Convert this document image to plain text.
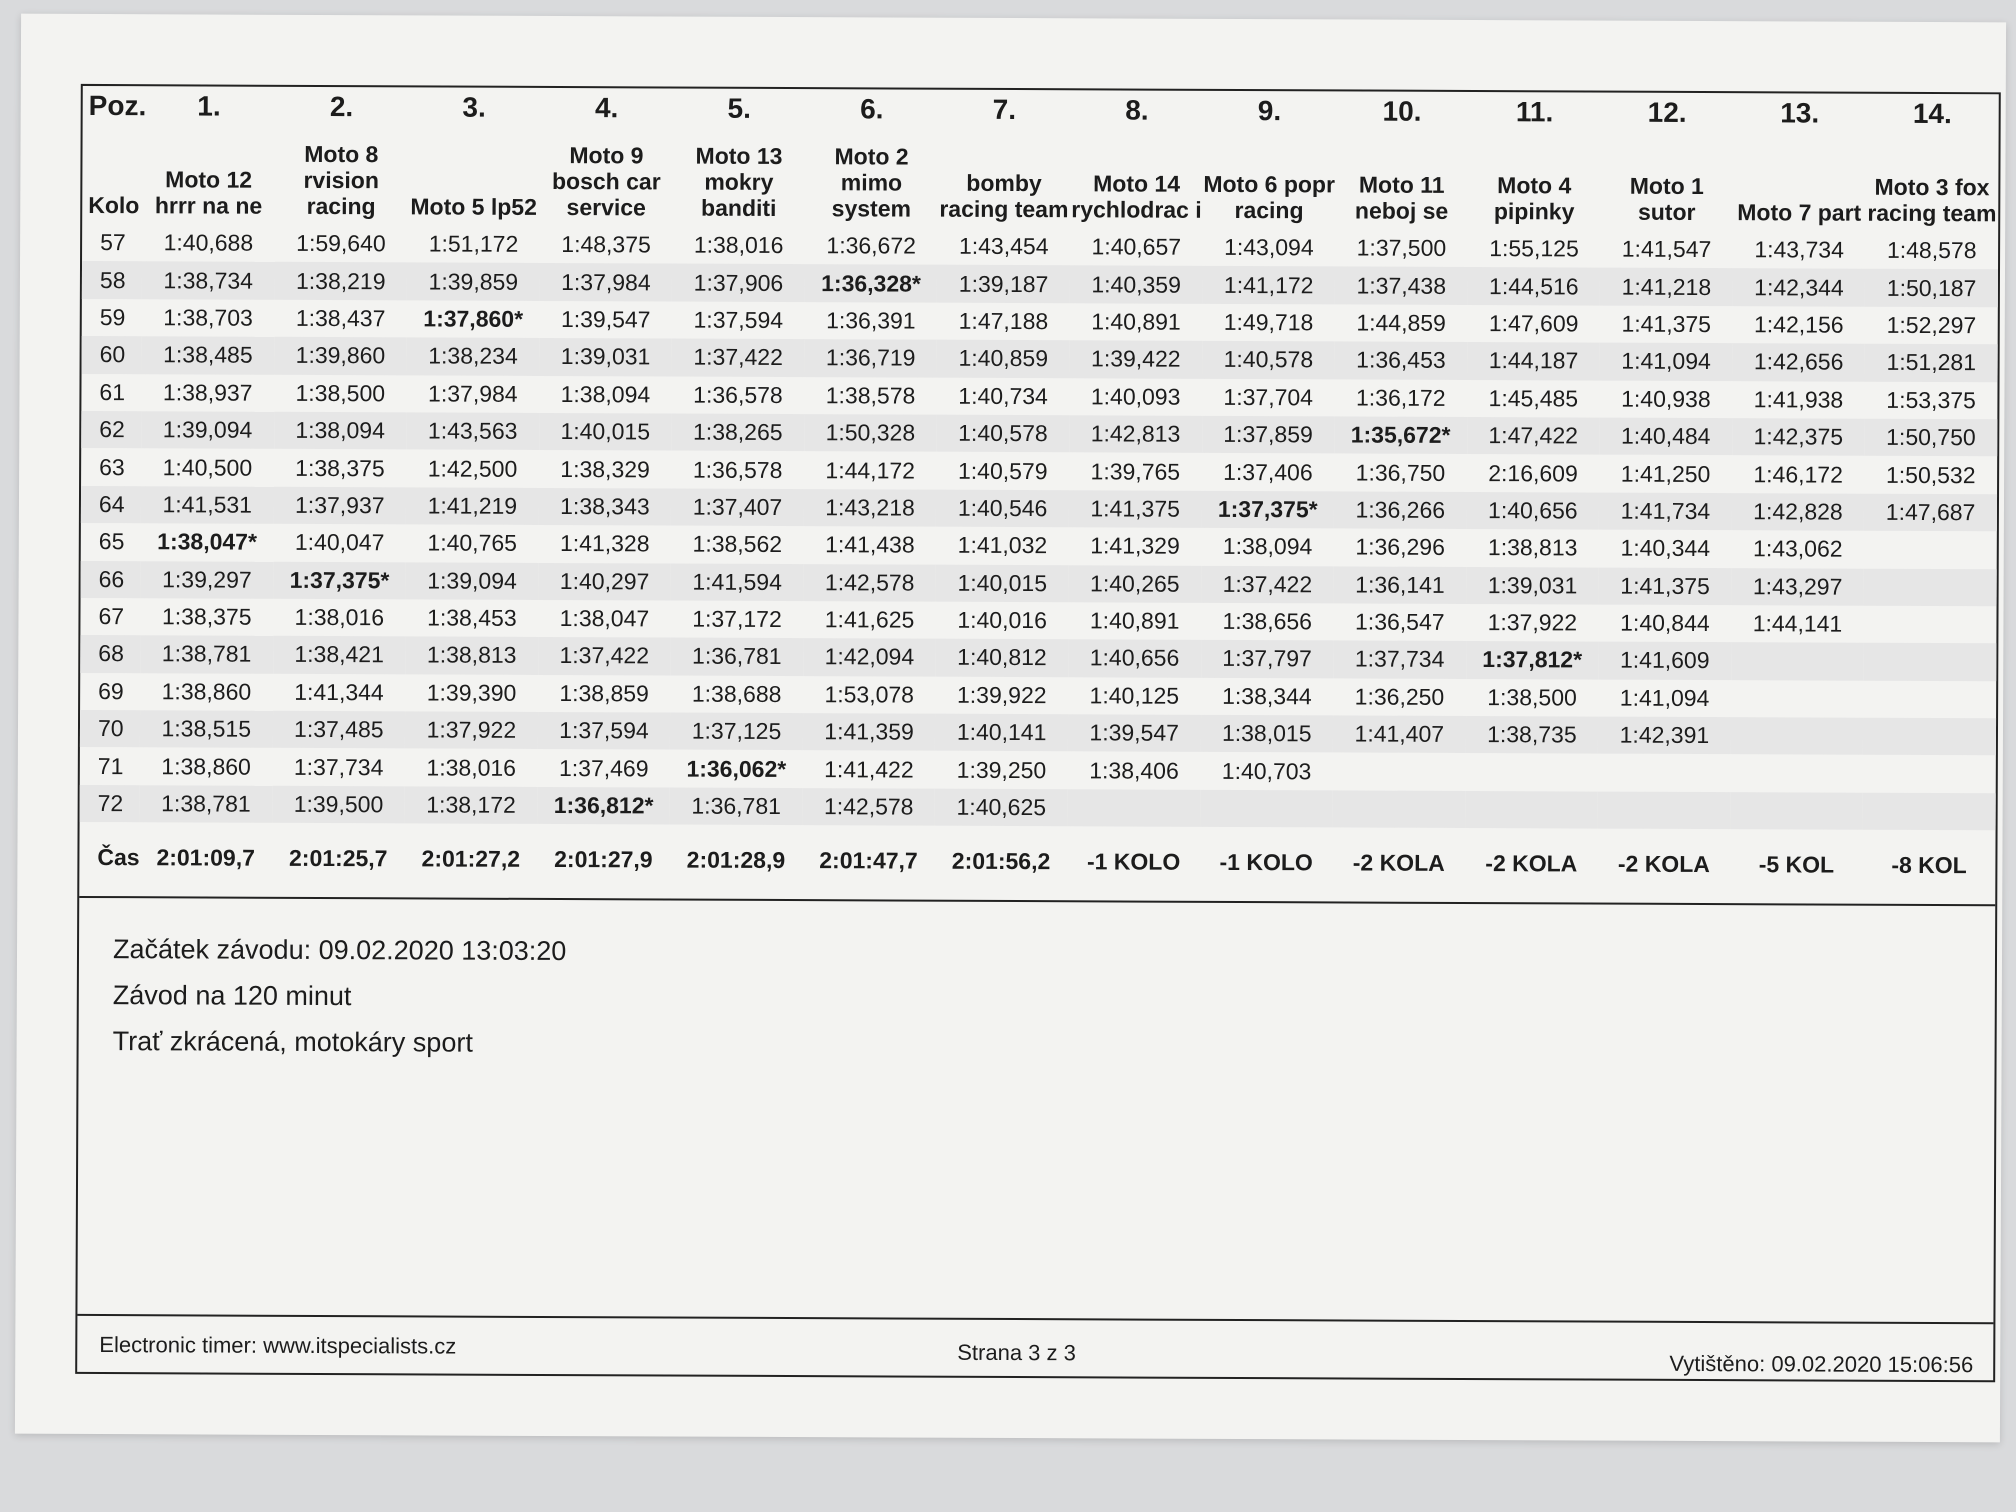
Poz.	1.	2.	3.	4.	5.	6.	7.	8.	9.	10.	11.	12.	13.	14.
Kolo	Moto 12 hrrr na ne	Moto 8 rvision racing	Moto 5 lp52	Moto 9 bosch car service	Moto 13 mokry banditi	Moto 2 mimo system	bomby racing team	Moto 14 rychlodrac i	Moto 6 popr racing	Moto 11 neboj se	Moto 4 pipinky	Moto 1 sutor	Moto 7 part	Moto 3 fox racing team
57	1:40,688	1:59,640	1:51,172	1:48,375	1:38,016	1:36,672	1:43,454	1:40,657	1:43,094	1:37,500	1:55,125	1:41,547	1:43,734	1:48,578
58	1:38,734	1:38,219	1:39,859	1:37,984	1:37,906	1:36,328*	1:39,187	1:40,359	1:41,172	1:37,438	1:44,516	1:41,218	1:42,344	1:50,187
59	1:38,703	1:38,437	1:37,860*	1:39,547	1:37,594	1:36,391	1:47,188	1:40,891	1:49,718	1:44,859	1:47,609	1:41,375	1:42,156	1:52,297
60	1:38,485	1:39,860	1:38,234	1:39,031	1:37,422	1:36,719	1:40,859	1:39,422	1:40,578	1:36,453	1:44,187	1:41,094	1:42,656	1:51,281
61	1:38,937	1:38,500	1:37,984	1:38,094	1:36,578	1:38,578	1:40,734	1:40,093	1:37,704	1:36,172	1:45,485	1:40,938	1:41,938	1:53,375
62	1:39,094	1:38,094	1:43,563	1:40,015	1:38,265	1:50,328	1:40,578	1:42,813	1:37,859	1:35,672*	1:47,422	1:40,484	1:42,375	1:50,750
63	1:40,500	1:38,375	1:42,500	1:38,329	1:36,578	1:44,172	1:40,579	1:39,765	1:37,406	1:36,750	2:16,609	1:41,250	1:46,172	1:50,532
64	1:41,531	1:37,937	1:41,219	1:38,343	1:37,407	1:43,218	1:40,546	1:41,375	1:37,375*	1:36,266	1:40,656	1:41,734	1:42,828	1:47,687
65	1:38,047*	1:40,047	1:40,765	1:41,328	1:38,562	1:41,438	1:41,032	1:41,329	1:38,094	1:36,296	1:38,813	1:40,344	1:43,062	
66	1:39,297	1:37,375*	1:39,094	1:40,297	1:41,594	1:42,578	1:40,015	1:40,265	1:37,422	1:36,141	1:39,031	1:41,375	1:43,297	
67	1:38,375	1:38,016	1:38,453	1:38,047	1:37,172	1:41,625	1:40,016	1:40,891	1:38,656	1:36,547	1:37,922	1:40,844	1:44,141	
68	1:38,781	1:38,421	1:38,813	1:37,422	1:36,781	1:42,094	1:40,812	1:40,656	1:37,797	1:37,734	1:37,812*	1:41,609		
69	1:38,860	1:41,344	1:39,390	1:38,859	1:38,688	1:53,078	1:39,922	1:40,125	1:38,344	1:36,250	1:38,500	1:41,094		
70	1:38,515	1:37,485	1:37,922	1:37,594	1:37,125	1:41,359	1:40,141	1:39,547	1:38,015	1:41,407	1:38,735	1:42,391		
71	1:38,860	1:37,734	1:38,016	1:37,469	1:36,062*	1:41,422	1:39,250	1:38,406	1:40,703					
72	1:38,781	1:39,500	1:38,172	1:36,812*	1:36,781	1:42,578	1:40,625							
Čas	2:01:09,7	2:01:25,7	2:01:27,2	2:01:27,9	2:01:28,9	2:01:47,7	2:01:56,2	-1 KOLO	-1 KOLO	-2 KOLA	-2 KOLA	-2 KOLA	-5 KOL	-8 KOL
Začátek závodu: 09.02.2020 13:03:20
Závod na 120 minut
Trať zkrácená, motokáry sport
Electronic timer: www.itspecialists.cz	Strana 3 z 3	Vytištěno: 09.02.2020 15:06:56
